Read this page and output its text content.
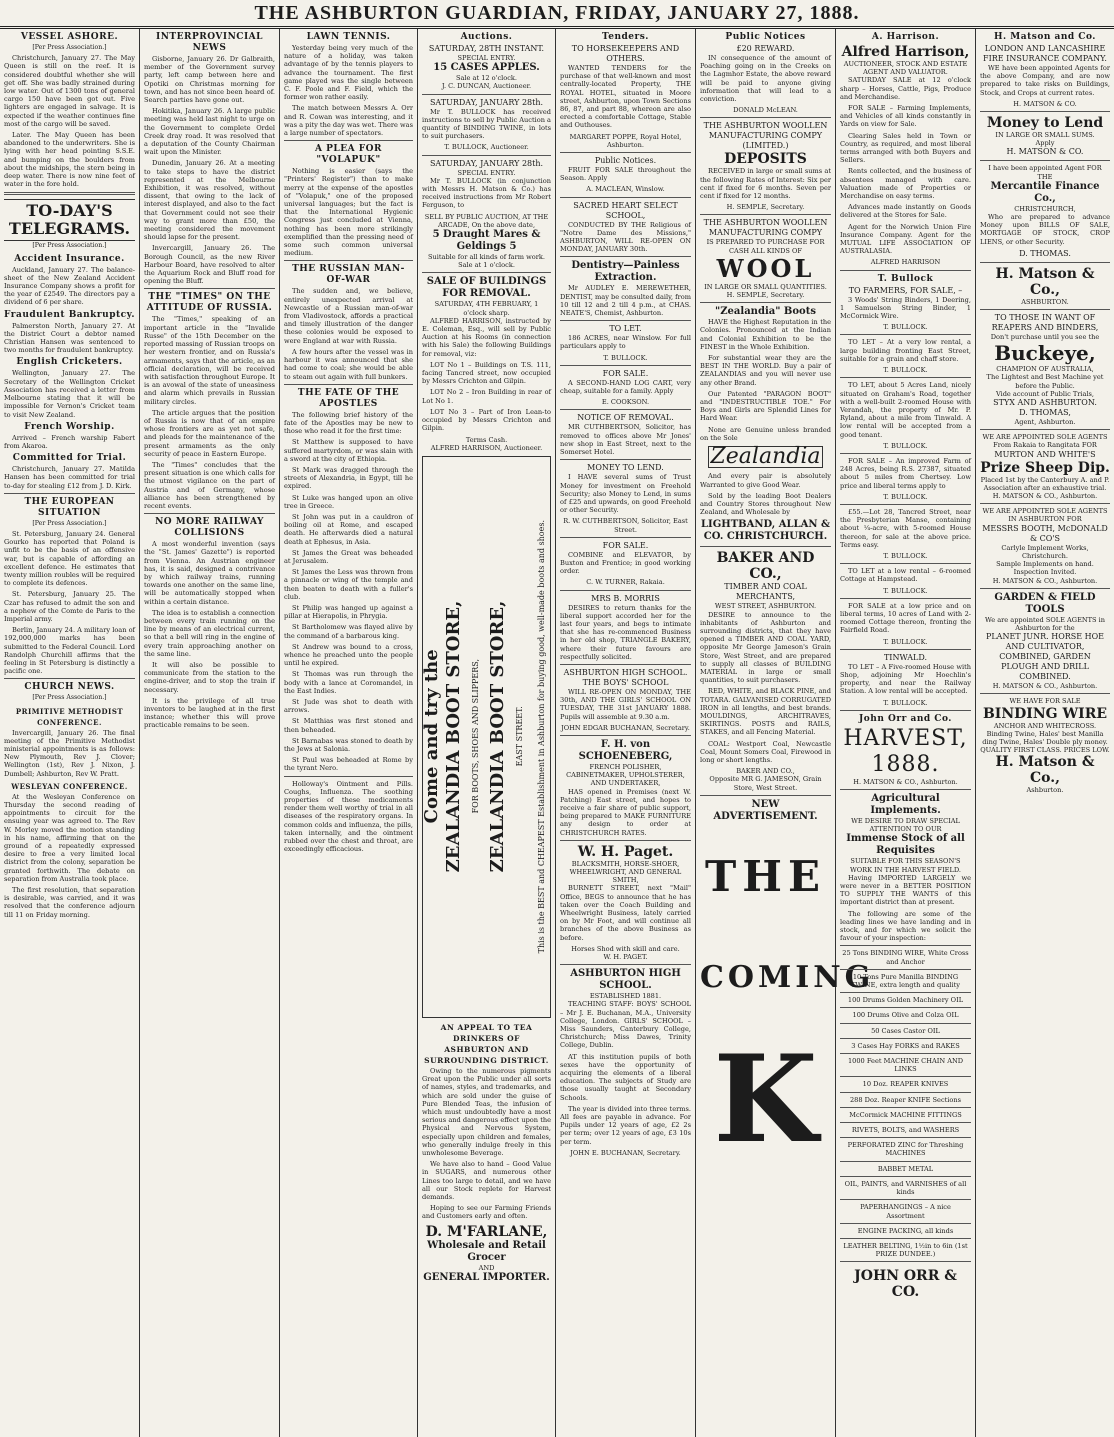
THE ASHBURTON GUARDIAN, FRIDAY, JANUARY 27, 1888.
VESSEL ASHORE.
[Per Press Association.]

Christchurch, January 27. The May Queen is still on the reef. It is considered doubtful whether she will get off. She was badly strained during low water. Out of 1300 tons of general cargo 150 have been got out. Five lighters are engaged in salvage. It is expected if the weather continues fine most of the cargo will be saved.

Later. The May Queen has been abandoned to the underwriters. She is lying with her head pointing S.S.E. and bumping on the boulders from about the midships, the stern being in deep water. There is now nine feet of water in the fore hold.

TO-DAY'S TELEGRAMS.
[Per Press Association.]
Accident Insurance.

Auckland, January 27. The balance-sheet of the New Zealand Accident Insurance Company shows a profit for the year of £2549. The directors pay a dividend of 6 per share.

Fraudulent Bankruptcy.

Palmerston North, January 27. At the District Court a debtor named Christian Hansen was sentenced to two months for fraudulent bankruptcy.

English Cricketers.

Wellington, January 27. The Secretary of the Wellington Cricket Association has received a letter from Melbourne stating that it will be impossible for Vernon's Cricket team to visit New Zealand.

French Worship.

Arrived – French warship Fabert from Akaroa.

Committed for Trial.

Christchurch, January 27. Matilda Hansen has been committed for trial to-day for stealing £12 from J. D. Kirk.

THE EUROPEAN SITUATION
[Per Press Association.]

St. Petersburg, January 24. General Gourko has reported that Poland is unfit to be the basis of an offensive war, but is capable of affording an excellent defence. He estimates that twenty million roubles will be required to complete its defences.

St. Petersburg, January 25. The Czar has refused to admit the son and a nephew of the Comte de Paris to the Imperial army.

Berlin, January 24. A military loan of 192,000,000 marks has been submitted to the Federal Council. Lord Randolph Churchill affirms that the feeling in St Petersburg is distinctly a pacific one.

CHURCH NEWS.
[Per Press Association.]
PRIMITIVE METHODIST CONFERENCE.

Invercargill, January 26. The final meeting of the Primitive Methodist ministerial appointments is as follows: New Plymouth, Rev J. Clover; Wellington (1st), Rev J. Nixon, J. Dumbell; Ashburton, Rev W. Pratt.

WESLEYAN CONFERENCE.

At the Wesleyan Conference on Thursday the second reading of appointments to circuit for the ensuing year was agreed to. The Rev W. Morley moved the motion standing in his name, affirming that on the ground of a repeatedly expressed desire to free a very limited local district from the colony, separation be granted forthwith. The debate on separation from Australia took place.

The first resolution, that separation is desirable, was carried, and it was resolved that the conference adjourn till 11 on Friday morning.

INTERPROVINCIAL NEWS

Gisborne, January 26. Dr Galbraith, member of the Government survey party, left camp between here and Opotiki on Christmas morning for town, and has not since been heard of. Search parties have gone out.

Hokitika, January 26. A large public meeting was held last night to urge on the Government to complete Ordel Creek dray road. It was resolved that a deputation of the County Chairman wait upon the Minister.

Dunedin, January 26. At a meeting to take steps to have the district represented at the Melbourne Exhibition, it was resolved, without dissent, that owing to the lack of interest displayed, and also to the fact that Government could not see their way to grant more than £50, the meeting considered the movement should lapse for the present.

Invercargill, January 26. The Borough Council, as the new River Harbour Board, have resolved to alter the Aquarium Rock and Bluff road for opening the Bluff.

THE "TIMES" ON THE ATTITUDE OF RUSSIA.

The "Times," speaking of an important article in the "Invalide Russe" of the 15th December on the reported massing of Russian troops on her western frontier, and on Russia's armaments, says that the article, as an official declaration, will be received with satisfaction throughout Europe. It is an avowal of the state of uneasiness and alarm which prevails in Russian military circles.

The article argues that the position of Russia is now that of an empire whose frontiers are as yet not safe, and pleads for the maintenance of the present armaments as the only security of peace in Eastern Europe.

The "Times" concludes that the present situation is one which calls for the utmost vigilance on the part of Austria and of Germany, whose alliance has been strengthened by recent events.

NO MORE RAILWAY COLLISIONS

A most wonderful invention (says the "St. James' Gazette") is reported from Vienna. An Austrian engineer has, it is said, designed a contrivance by which railway trains, running towards one another on the same line, will be automatically stopped when within a certain distance.

The idea is to establish a connection between every train running on the line by means of an electrical current, so that a bell will ring in the engine of every train approaching another on the same line.

It will also be possible to communicate from the station to the engine-driver, and to stop the train if necessary.

It is the privilege of all true inventors to be laughed at in the first instance; whether this will prove practicable remains to be seen.

LAWN TENNIS.

Yesterday being very much of the nature of a holiday, was taken advantage of by the tennis players to advance the tournament. The first game played was the single between C. F. Poole and F. Field, which the former won rather easily.

The match between Messrs A. Orr and R. Cowan was interesting, and it was a pity the day was wet. There was a large number of spectators.

A PLEA FOR "VOLAPUK"

Nothing is easier (says the "Printers' Register") than to make merry at the expense of the apostles of "Volapuk," one of the proposed universal languages; but the fact is that the International Hygienic Congress just concluded at Vienna, nothing has been more strikingly exemplified than the pressing need of some such common universal medium.

THE RUSSIAN MAN-OF-WAR

The sudden and, we believe, entirely unexpected arrival at Newcastle of a Russian man-of-war from Vladivostock, affords a practical and timely illustration of the danger these colonies would be exposed to were England at war with Russia.

A few hours after the vessel was in harbour it was announced that she had come to coal; she would be able to steam out again with full bunkers.

THE FATE OF THE APOSTLES

The following brief history of the fate of the Apostles may be new to those who read it for the first time:

St Matthew is supposed to have suffered martyrdom, or was slain with a sword at the city of Ethiopia.

St Mark was dragged through the streets of Alexandria, in Egypt, till he expired.

St Luke was hanged upon an olive tree in Greece.

St John was put in a cauldron of boiling oil at Rome, and escaped death. He afterwards died a natural death at Ephesus, in Asia.

St James the Great was beheaded at Jerusalem.

St James the Less was thrown from a pinnacle or wing of the temple and then beaten to death with a fuller's club.

St Philip was hanged up against a pillar at Hierapolis, in Phrygia.

St Bartholomew was flayed alive by the command of a barbarous king.

St Andrew was bound to a cross, whence he preached unto the people until he expired.

St Thomas was run through the body with a lance at Coromandel, in the East Indies.

St Jude was shot to death with arrows.

St Matthias was first stoned and then beheaded.

St Barnabas was stoned to death by the Jews at Salonia.

St Paul was beheaded at Rome by the tyrant Nero.

Holloway's Ointment and Pills. Coughs, Influenza. The soothing properties of these medicaments render them well worthy of trial in all diseases of the respiratory organs. In common colds and influenza, the pills, taken internally, and the ointment rubbed over the chest and throat, are exceedingly efficacious.

Auctions.
SATURDAY, 28TH INSTANT.
SPECIAL ENTRY.
15 CASES APPLES.
Sale at 12 o'clock.
J. C. DUNCAN, Auctioneer.
SATURDAY, JANUARY 28th.

Mr T. BULLOCK has received instructions to sell by Public Auction a quantity of BINDING TWINE, in lots to suit purchasers.

T. BULLOCK, Auctioneer.
SATURDAY, JANUARY 28th.
SPECIAL ENTRY.

Mr T. BULLOCK (in conjunction with Messrs H. Matson & Co.) has received instructions from Mr Robert Ferguson, to

SELL BY PUBLIC AUCTION, AT THE ARCADE, On the above date,
5 Draught Mares & Geldings 5
Suitable for all kinds of farm work.
Sale at 1 o'clock.
SALE OF BUILDINGS FOR REMOVAL.
SATURDAY, 4TH FEBRUARY, 1 o'clock sharp.

ALFRED HARRISON, instructed by E. Coleman, Esq., will sell by Public Auction at his Rooms (in connection with his Sale) the following Buildings for removal, viz:

LOT No 1 – Buildings on T.S. 111, facing Tancred street, now occupied by Messrs Crichton and Gilpin.

LOT No 2 – Iron Building in rear of Lot No 1.

LOT No 3 – Part of Iron Lean-to occupied by Messrs Crichton and Gilpin.

Terms Cash.
ALFRED HARRISON, Auctioneer.
Come and try the ZEALANDIA BOOT STORE, FOR BOOTS, SHOES AND SLIPPERS, ZEALANDIA BOOT STORE, EAST STREET.	This is the BEST and CHEAPEST Establishment in Ashburton for buying good, well-made boots and shoes.
AN APPEAL TO TEA DRINKERS OF ASHBURTON AND SURROUNDING DISTRICT.

Owing to the numerous pigments Great upon the Public under all sorts of names, styles, and trademarks, and which are sold under the guise of Pure Blended Teas, the infusion of which must undoubtedly have a most serious and dangerous effect upon the Physical and Nervous System, especially upon children and females, who generally indulge freely in this unwholesome Beverage.

We have also to hand – Good Value in SUGARS, and numerous other Lines too large to detail, and we have all our Stock replete for Harvest demands.

Hoping to see our Farming Friends and Customers early and often.

D. M'FARLANE,
Wholesale and Retail Grocer
AND
GENERAL IMPORTER.
Tenders.
TO HORSEKEEPERS AND OTHERS.

WANTED TENDERS for the purchase of that well-known and most centrally-located Property, THE ROYAL HOTEL, situated in Moore street, Ashburton, upon Town Sections 86, 87, and part 88, whereon are also erected a comfortable Cottage, Stable and Outhouses.

MARGARET POPPE, Royal Hotel, Ashburton.
Public Notices.

FRUIT FOR SALE throughout the Season. Apply

A. MACLEAN, Winslow.
SACRED HEART SELECT SCHOOL,

CONDUCTED BY THE Religious of "Notre Dame des Missions," ASHBURTON, WILL RE-OPEN ON MONDAY, JANUARY 30th.

Dentistry—Painless Extraction.

Mr AUDLEY E. MEREWETHER, DENTIST, may be consulted daily, from 10 till 12 and 2 till 4 p.m., at CHAS. NEATE'S, Chemist, Ashburton.

TO LET.

186 ACRES, near Winslow. For full particulars apply to

T. BULLOCK.
FOR SALE.

A SECOND-HAND LOG CART, very cheap, suitable for a family. Apply

E. COOKSON.
NOTICE OF REMOVAL.

MR CUTHBERTSON, Solicitor, has removed to offices above Mr Jones' new shop in East Street, next to the Somerset Hotel.

MONEY TO LEND.

I HAVE several sums of Trust Money for investment on Freehold Security; also Money to Lend, in sums of £25 and upwards, on good Freehold or other Security.

R. W. CUTHBERTSON, Solicitor, East Street.
FOR SALE.

COMBINE and ELEVATOR, by Buxton and Frentice; in good working order.

C. W. TURNER, Rakaia.
MRS B. MORRIS

DESIRES to return thanks for the liberal support accorded her for the last four years, and begs to intimate that she has re-commenced Business in her old shop, TRIANGLE BAKERY, where their future favours are respectfully solicited.

ASHBURTON HIGH SCHOOL. THE BOYS' SCHOOL

WILL RE-OPEN ON MONDAY, THE 30th, AND THE GIRLS' SCHOOL ON TUESDAY, THE 31st JANUARY 1888. Pupils will assemble at 9.30 a.m.

JOHN EDGAR BUCHANAN, Secretary.
F. H. von SCHOENEBERG,
FRENCH POLISHER, CABINETMAKER, UPHOLSTERER, AND UNDERTAKER,

HAS opened in Premises (next W. Patching) East street, and hopes to receive a fair share of public support, being prepared to MAKE FURNITURE any design to order at CHRISTCHURCH RATES.

W. H. Paget.
BLACKSMITH, HORSE-SHOER, WHEELWRIGHT, AND GENERAL SMITH,

BURNETT STREET, next "Mail" Office, BEGS to announce that he has taken over the Coach Building and Wheelwright Business, lately carried on by Mr Foot, and will continue all branches of the above Business as before.

Horses Shod with skill and care.
W. H. PAGET.
ASHBURTON HIGH SCHOOL.
ESTABLISHED 1881.

TEACHING STAFF: BOYS' SCHOOL – Mr J. E. Buchanan, M.A., University College, London. GIRLS' SCHOOL – Miss Saunders, Canterbury College, Christchurch; Miss Dawes, Trinity College, Dublin.

AT this institution pupils of both sexes have the opportunity of acquiring the elements of a liberal education. The subjects of Study are those usually taught at Secondary Schools.

The year is divided into three terms. All fees are payable in advance. For Pupils under 12 years of age, £2 2s per term; over 12 years of age, £3 10s per term.

JOHN E. BUCHANAN, Secretary.
Public Notices
£20 REWARD.

IN consequence of the amount of Poaching going on in the Creeks on the Lagmhor Estate, the above reward will be paid to anyone giving information that will lead to a conviction.

DONALD McLEAN.
THE ASHBURTON WOOLLEN MANUFACTURING COMPY (LIMITED.)
DEPOSITS

RECEIVED in large or small sums at the following Rates of Interest: Six per cent if fixed for 6 months. Seven per cent if fixed for 12 months.

H. SEMPLE, Secretary.
THE ASHBURTON WOOLLEN MANUFACTURING COMPY
IS PREPARED TO PURCHASE FOR CASH ALL KINDS OF
WOOL
IN LARGE OR SMALL QUANTITIES.
H. SEMPLE, Secretary.
"Zealandia" Boots

HAVE the Highest Reputation in the Colonies. Pronounced at the Indian and Colonial Exhibition to be the FINEST in the Whole Exhibition.

For substantial wear they are the BEST IN THE WORLD. Buy a pair of ZEALANDIAS and you will never use any other Brand.

Our Patented "PARAGON BOOT" and "INDESTRUCTIBLE TOE." For Boys and Girls are Splendid Lines for Hard Wear.

None are Genuine unless branded on the Sole

Zealandia

And every pair is absolutely Warranted to give Good Wear.

Sold by the leading Boot Dealers and Country Stores throughout New Zealand, and Wholesale by

LIGHTBAND, ALLAN & CO. CHRISTCHURCH.
BAKER AND CO.,
TIMBER AND COAL MERCHANTS,
WEST STREET, ASHBURTON.

DESIRE to announce to the inhabitants of Ashburton and surrounding districts, that they have opened a TIMBER AND COAL YARD, opposite Mr George Jameson's Grain Store, West Street, and are prepared to supply all classes of BUILDING MATERIAL in large or small quantities, to suit purchasers.

RED, WHITE, and BLACK PINE, and TOTARA. GALVANISED CORRUGATED IRON in all lengths, and best brands. MOULDINGS, ARCHITRAVES, SKIRTINGS. POSTS and RAILS, STAKES, and all Fencing Material.

COAL: Westport Coal, Newcastle Coal, Mount Somers Coal, Firewood in long or short lengths.

BAKER AND CO.,
Opposite MR G. JAMESON, Grain Store, West Street.
NEW ADVERTISEMENT.
THE
COMING
K
A. Harrison.
Alfred Harrison,
AUCTIONEER, STOCK AND ESTATE AGENT AND VALUATOR.

SATURDAY SALE at 12 o'clock sharp – Horses, Cattle, Pigs, Produce and Merchandise.

FOR SALE – Farming Implements, and Vehicles of all kinds constantly in Yards on view for Sale.

Clearing Sales held in Town or Country, as required, and most liberal terms arranged with both Buyers and Sellers.

Rents collected, and the business of absentees managed with care. Valuation made of Properties or Merchandise on easy terms.

Advances made instantly on Goods delivered at the Stores for Sale.

Agent for the Norwich Union Fire Insurance Company. Agent for the MUTUAL LIFE ASSOCIATION OF AUSTRALASIA.

ALFRED HARRISON
T. Bullock
TO FARMERS, FOR SALE, –

3 Woods' String Binders, 1 Deering, 1 Samuelson String Binder, 1 McCormick Wire.

T. BULLOCK.

TO LET – At a very low rental, a large building fronting East Street, suitable for a grain and chaff store.

T. BULLOCK.

TO LET, about 5 Acres Land, nicely situated on Graham's Road, together with a well-built 2-roomed House with Verandah, the property of Mr. P. Ryland, about a mile from Tinwald. A low rental will be accepted from a good tenant.

T. BULLOCK.

FOR SALE – An improved Farm of 248 Acres, being R.S. 27387, situated about 5 miles from Chertsey. Low price and liberal terms apply to

T. BULLOCK.

£55.—Lot 28, Tancred Street, near the Presbyterian Manse, containing about ¼-acre, with 5-roomed House thereon, for sale at the above price. Terms easy.

T. BULLOCK.

TO LET at a low rental – 6-roomed Cottage at Hampstead.

T. BULLOCK.

FOR SALE at a low price and on liberal terms, 10 acres of Land with 2-roomed Cottage thereon, fronting the Fairfield Road.

T. BULLOCK.
TINWALD.

TO LET – A Five-roomed House with Shop, adjoining Mr Hoechlin's property, and near the Railway Station. A low rental will be accepted.

T. BULLOCK.
John Orr and Co.
HARVEST, 1888.
H. MATSON & CO., Ashburton.
Agricultural Implements.
WE DESIRE TO DRAW SPECIAL ATTENTION TO OUR
Immense Stock of all Requisites
SUITABLE FOR THIS SEASON'S WORK IN THE HARVEST FIELD.

Having IMPORTED LARGELY we were never in a BETTER POSITION TO SUPPLY THE WANTS of this important district than at present.

The following are some of the leading lines we have landing and in stock, and for which we solicit the favour of your inspection:

25 Tons BINDING WIRE, White Cross and Anchor
10 Tons Pure Manilla BINDING TWINE, extra length and quality
100 Drums Golden Machinery OIL
100 Drums Olive and Colza OIL
50 Cases Castor OIL
3 Cases Hay FORKS and RAKES
1000 Feet MACHINE CHAIN AND LINKS
10 Doz. REAPER KNIVES
288 Doz. Reaper KNIFE Sections
McCormick MACHINE FITTINGS
RIVETS, BOLTS, and WASHERS
PERFORATED ZINC for Threshing MACHINES
BABBET METAL
OIL, PAINTS, and VARNISHES of all kinds
PAPERHANGINGS – A nice Assortment
ENGINE PACKING, all kinds
LEATHER BELTING, 1½in to 6in (1st PRIZE DUNDEE.)
JOHN ORR & CO.
H. Matson and Co.
LONDON AND LANCASHIRE FIRE INSURANCE COMPANY.

WE have been appointed Agents for the above Company, and are now prepared to take risks on Buildings, Stock, and Crops at current rates.

H. MATSON & CO.
Money to Lend
IN LARGE OR SMALL SUMS.
Apply
H. MATSON & CO.
I have been appointed Agent FOR THE
Mercantile Finance Co.,
CHRISTCHURCH,

Who are prepared to advance Money upon BILLS OF SALE, MORTGAGE OF STOCK, CROP LIENS, or other Security.

D. THOMAS.
H. Matson & Co.,
ASHBURTON.
TO THOSE IN WANT OF REAPERS AND BINDERS,
Don't purchase until you see the
Buckeye,
CHAMPION OF AUSTRALIA,
The Lightest and Best Machine yet before the Public.
Vide account of Public Trials,
STYX AND ASHBURTON.
D. THOMAS,
Agent, Ashburton.
WE ARE APPOINTED SOLE AGENTS From Rakaia to Rangitata FOR
MURTON AND WHITE'S
Prize Sheep Dip.
Placed 1st by the Canterbury A. and P. Association after an exhaustive trial.
H. MATSON & CO., Ashburton.
WE ARE APPOINTED SOLE AGENTS IN ASHBURTON FOR
MESSRS BOOTH, McDONALD & CO'S
Carlyle Implement Works, Christchurch.
Sample Implements on hand.
Inspection Invited.
H. MATSON & CO., Ashburton.
GARDEN & FIELD TOOLS
We are appointed SOLE AGENTS in Ashburton for the
PLANET JUNR. HORSE HOE AND CULTIVATOR, COMBINED, GARDEN PLOUGH AND DRILL COMBINED.
H. MATSON & CO., Ashburton.
WE HAVE FOR SALE
BINDING WIRE
ANCHOR AND WHITECROSS.
Binding Twine, Hales' best Manilla ding Twine, Hales' Double ply money.
QUALITY FIRST CLASS. PRICES LOW.
H. Matson & Co.,
Ashburton.
